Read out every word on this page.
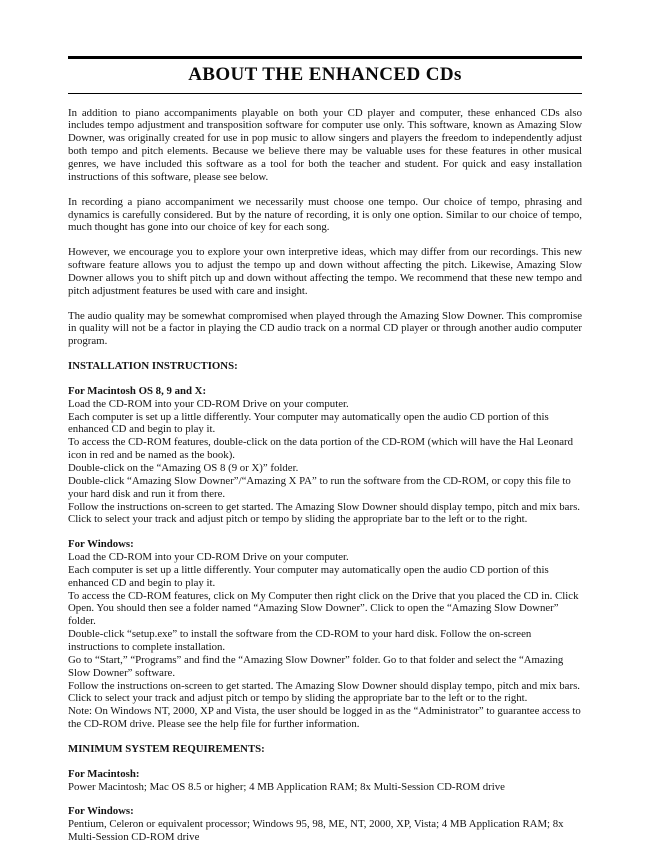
ABOUT THE ENHANCED CDs

In addition to piano accompaniments playable on both your CD player and computer, these enhanced CDs also includes tempo adjustment and transposition software for computer use only. This software, known as Amazing Slow Downer, was originally created for use in pop music to allow singers and players the freedom to independently adjust both tempo and pitch elements. Because we believe there may be valuable uses for these features in other musical genres, we have included this software as a tool for both the teacher and student. For quick and easy installation instructions of this software, please see below.

In recording a piano accompaniment we necessarily must choose one tempo. Our choice of tempo, phrasing and dynamics is carefully considered. But by the nature of recording, it is only one option. Similar to our choice of tempo, much thought has gone into our choice of key for each song.

However, we encourage you to explore your own interpretive ideas, which may differ from our recordings. This new software feature allows you to adjust the tempo up and down without affecting the pitch. Likewise, Amazing Slow Downer allows you to shift pitch up and down without affecting the tempo. We recommend that these new tempo and pitch adjustment features be used with care and insight.

The audio quality may be somewhat compromised when played through the Amazing Slow Downer. This compromise in quality will not be a factor in playing the CD audio track on a normal CD player or through another audio computer program.

INSTALLATION INSTRUCTIONS:

For Macintosh OS 8, 9 and X:

Load the CD-ROM into your CD-ROM Drive on your computer.

Each computer is set up a little differently. Your computer may automatically open the audio CD portion of this enhanced CD and begin to play it.

To access the CD-ROM features, double-click on the data portion of the CD-ROM (which will have the Hal Leonard icon in red and be named as the book).

Double-click on the “Amazing OS 8 (9 or X)” folder.

Double-click “Amazing Slow Downer”/“Amazing X PA” to run the software from the CD-ROM, or copy this file to your hard disk and run it from there.

Follow the instructions on-screen to get started. The Amazing Slow Downer should display tempo, pitch and mix bars. Click to select your track and adjust pitch or tempo by sliding the appropriate bar to the left or to the right.

For Windows:

Load the CD-ROM into your CD-ROM Drive on your computer.

Each computer is set up a little differently. Your computer may automatically open the audio CD portion of this enhanced CD and begin to play it.

To access the CD-ROM features, click on My Computer then right click on the Drive that you placed the CD in. Click Open. You should then see a folder named “Amazing Slow Downer”. Click to open the “Amazing Slow Downer” folder.

Double-click “setup.exe” to install the software from the CD-ROM to your hard disk. Follow the on-screen instructions to complete installation.

Go to “Start,” “Programs” and find the “Amazing Slow Downer” folder. Go to that folder and select the “Amazing Slow Downer” software.

Follow the instructions on-screen to get started. The Amazing Slow Downer should display tempo, pitch and mix bars. Click to select your track and adjust pitch or tempo by sliding the appropriate bar to the left or to the right.

Note: On Windows NT, 2000, XP and Vista, the user should be logged in as the “Administrator” to guarantee access to the CD-ROM drive. Please see the help file for further information.

MINIMUM SYSTEM REQUIREMENTS:

For Macintosh:

Power Macintosh; Mac OS 8.5 or higher; 4 MB Application RAM; 8x Multi-Session CD-ROM drive

For Windows:

Pentium, Celeron or equivalent processor; Windows 95, 98, ME, NT, 2000, XP, Vista; 4 MB Application RAM; 8x Multi-Session CD-ROM drive
